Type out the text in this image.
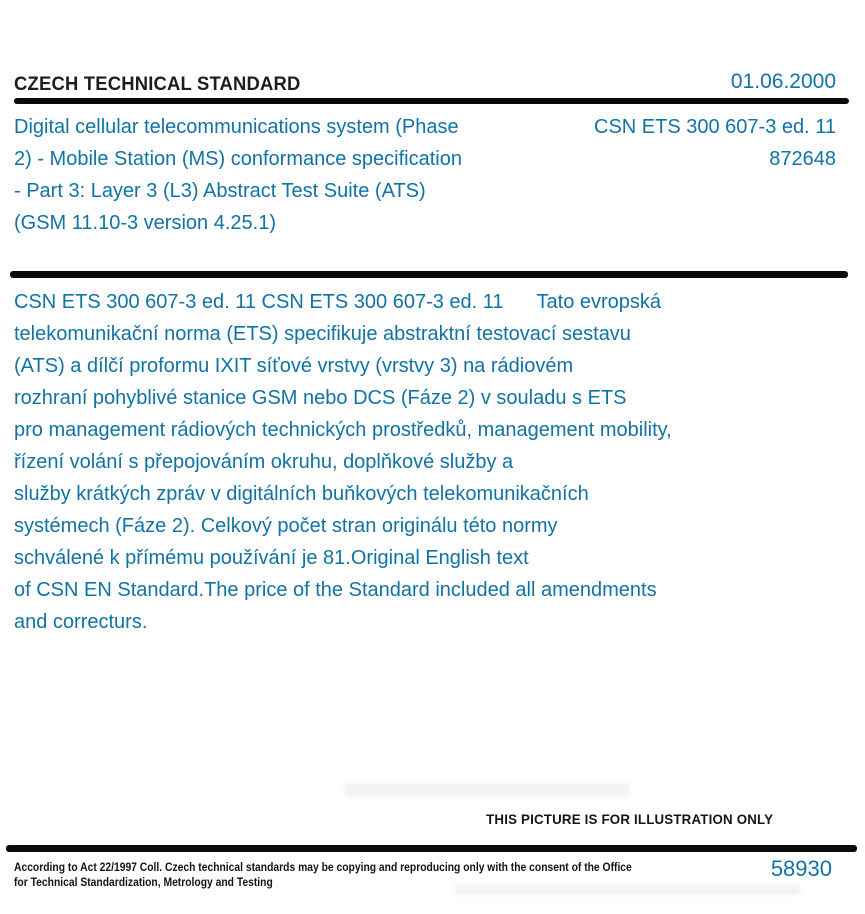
CZECH TECHNICAL STANDARD	01.06.2000
Digital cellular telecommunications system (Phase
2) - Mobile Station (MS) conformance specification
- Part 3: Layer 3 (L3) Abstract Test Suite (ATS)
(GSM 11.10-3 version 4.25.1)
CSN ETS 300 607-3 ed. 11
872648
CSN ETS 300 607-3 ed. 11 CSN ETS 300 607-3 ed. 11      Tato evropská
telekomunikační norma (ETS) specifikuje abstraktní testovací sestavu
(ATS) a dílčí proformu IXIT síťové vrstvy (vrstvy 3) na rádiovém
rozhraní pohyblivé stanice GSM nebo DCS (Fáze 2) v souladu s ETS
pro management rádiových technických prostředků, management mobility,
řízení volání s přepojováním okruhu, doplňkové služby a
služby krátkých zpráv v digitálních buňkových telekomunikačních
systémech (Fáze 2). Celkový počet stran originálu této normy
schválené k přímému používání je 81.Original English text
of CSN EN Standard.The price of the Standard included all amendments
and correcturs.
THIS PICTURE IS FOR ILLUSTRATION ONLY
According to Act 22/1997 Coll. Czech technical standards may be copying and reproducing only with the consent of the Office
for Technical Standardization, Metrology and Testing
58930
